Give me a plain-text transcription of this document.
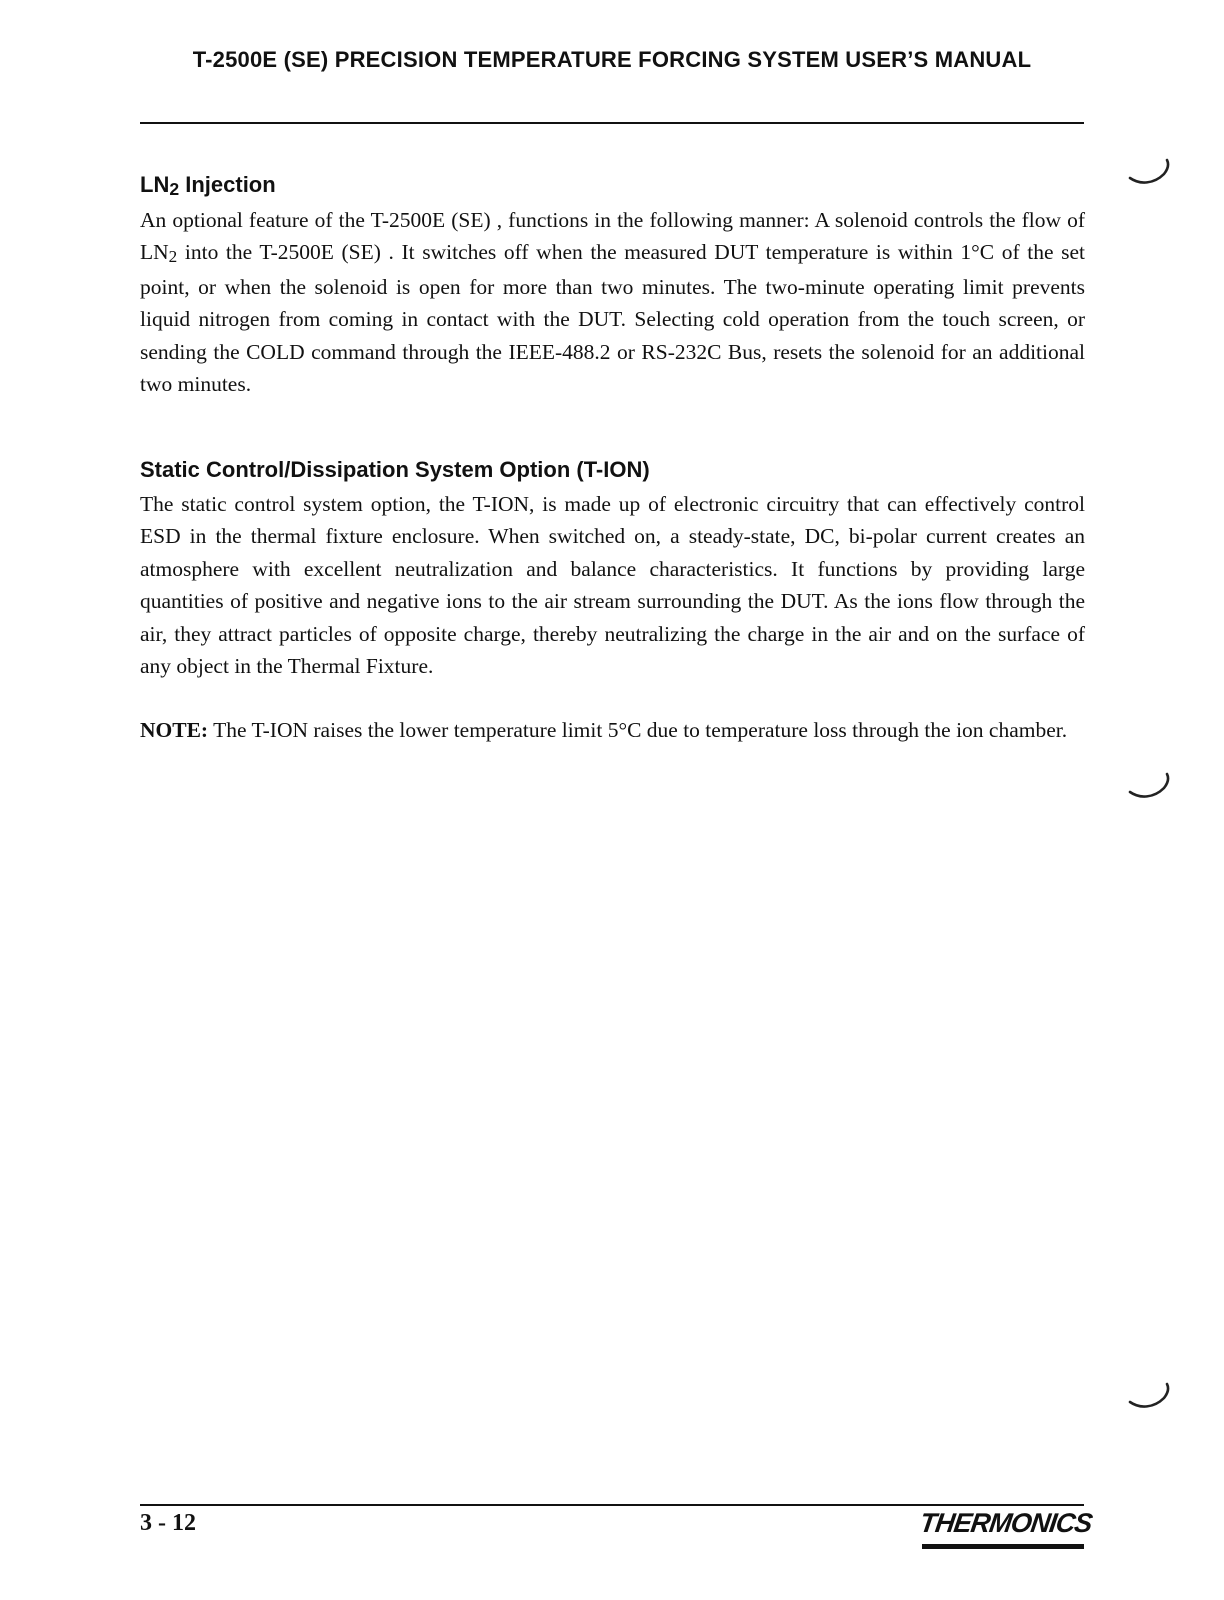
T-2500E (SE) PRECISION TEMPERATURE FORCING SYSTEM USER’S MANUAL
LN2 Injection

An optional feature of the T-2500E (SE) , functions in the following manner: A solenoid controls the flow of LN2 into the T-2500E (SE) . It switches off when the measured DUT temperature is within 1°C of the set point, or when the solenoid is open for more than two minutes. The two-minute operating limit prevents liquid nitrogen from coming in contact with the DUT. Selecting cold operation from the touch screen, or sending the COLD command through the IEEE-488.2 or RS-232C Bus, resets the solenoid for an additional two minutes.

Static Control/Dissipation System Option (T-ION)

The static control system option, the T-ION, is made up of electronic circuitry that can effectively control ESD in the thermal fixture enclosure. When switched on, a steady-state, DC, bi-polar current creates an atmosphere with excellent neutralization and balance characteristics. It functions by providing large quantities of positive and negative ions to the air stream surrounding the DUT. As the ions flow through the air, they attract particles of opposite charge, thereby neutralizing the charge in the air and on the surface of any object in the Thermal Fixture.

NOTE: The T-ION raises the lower temperature limit 5°C due to temperature loss through the ion chamber.

3 - 12	THERMONICS
